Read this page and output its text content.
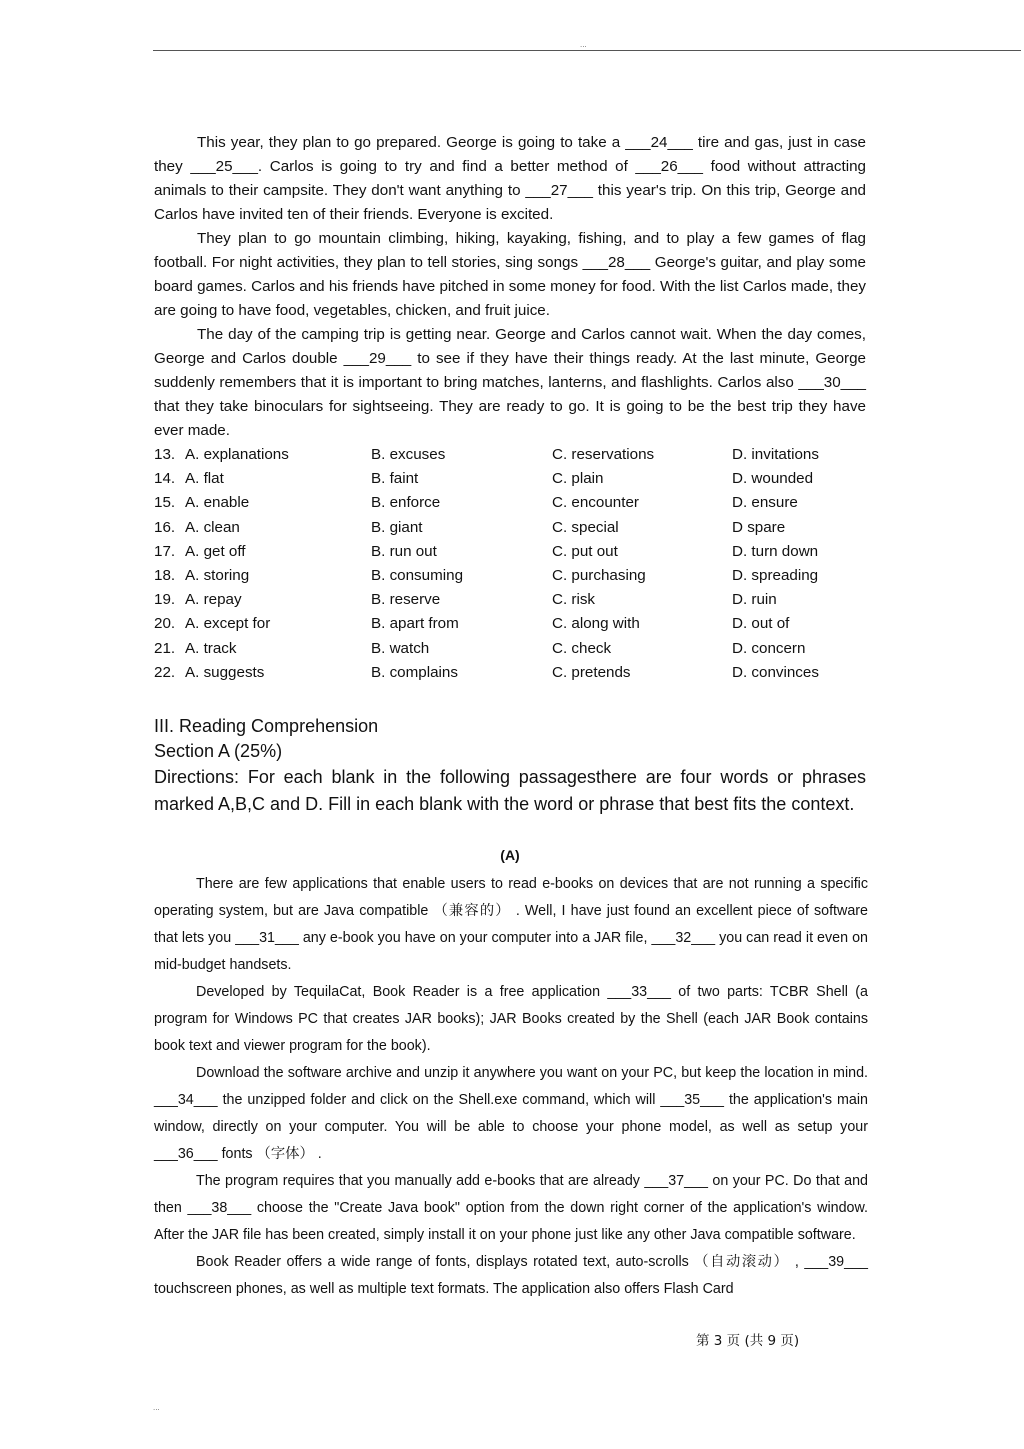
...

This year, they plan to go prepared. George is going to take a ___24___ tire and gas, just in case they ___25___. Carlos is going to try and find a better method of ___26___ food without attracting animals to their campsite. They don't want anything to ___27___ this year's trip. On this trip, George and Carlos have invited ten of their friends. Everyone is excited.

They plan to go mountain climbing, hiking, kayaking, fishing, and to play a few games of flag football. For night activities, they plan to tell stories, sing songs ___28___ George's guitar, and play some board games. Carlos and his friends have pitched in some money for food. With the list Carlos made, they are going to have food, vegetables, chicken, and fruit juice.

The day of the camping trip is getting near. George and Carlos cannot wait. When the day comes, George and Carlos double ___29___ to see if they have their things ready. At the last minute, George suddenly remembers that it is important to bring matches, lanterns, and flashlights. Carlos also ___30___ that they take binoculars for sightseeing. They are ready to go. It is going to be the best trip they have ever made.

13. A. explanations	B. excuses	C. reservations	D. invitations
14. A. flat	B. faint	C. plain	D. wounded
15. A. enable	B. enforce	C. encounter	D. ensure
16. A. clean	B. giant	C. special	D spare
17. A. get off	B. run out	C. put out	D. turn down
18. A. storing	B. consuming	C. purchasing	D. spreading
19. A. repay	B. reserve	C. risk	D. ruin
20. A. except for	B. apart from	C. along with	D. out of
21. A. track	B. watch	C. check	D. concern
22. A. suggests	B. complains	C. pretends	D. convinces
III. Reading Comprehension
Section A (25%)
Directions: For each blank in the following passagesthere are four words or phrases marked A,B,C and D. Fill in each blank with the word or phrase that best fits the context.
(A)

There are few applications that enable users to read e-books on devices that are not running a specific operating system, but are Java compatible （兼容的） . Well, I have just found an excellent piece of software that lets you ___31___ any e-book you have on your computer into a JAR file, ___32___ you can read it even on mid-budget handsets.

Developed by TequilaCat, Book Reader is a free application ___33___ of two parts: TCBR Shell (a program for Windows PC that creates JAR books); JAR Books created by the Shell (each JAR Book contains book text and viewer program for the book).

Download the software archive and unzip it anywhere you want on your PC, but keep the location in mind. ___34___ the unzipped folder and click on the Shell.exe command, which will ___35___ the application's main window, directly on your computer. You will be able to choose your phone model, as well as setup your ___36___ fonts （字体） .

The program requires that you manually add e-books that are already ___37___ on your PC. Do that and then ___38___ choose the "Create Java book" option from the down right corner of the application's window. After the JAR file has been created, simply install it on your phone just like any other Java compatible software.

Book Reader offers a wide range of fonts, displays rotated text, auto-scrolls （自动滚动） , ___39___ touchscreen phones, as well as multiple text formats. The application also offers Flash Card

第 3 页 (共 9 页)
...
